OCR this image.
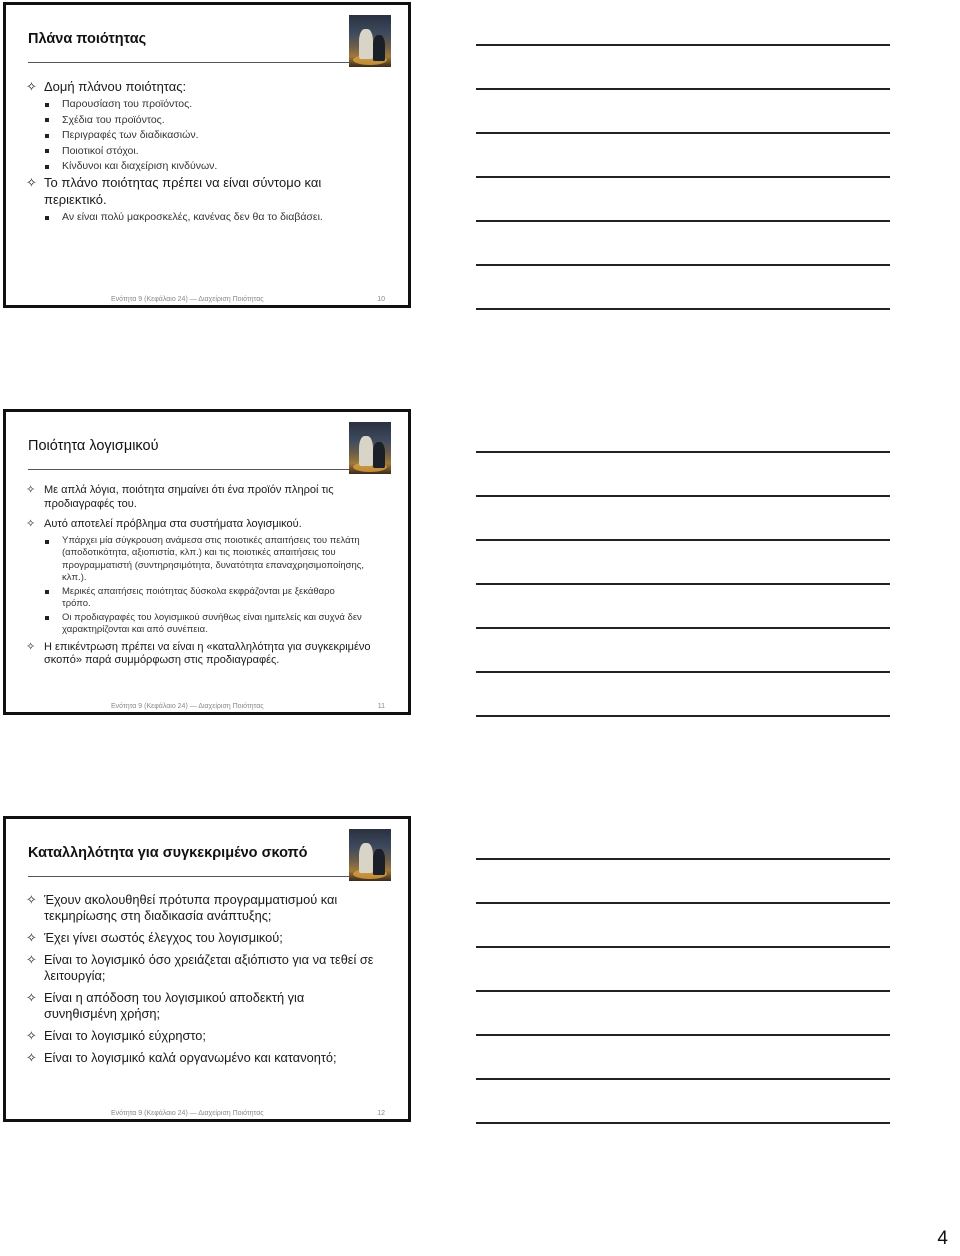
Πλάνα ποιότητας
✧ Δομή πλάνου ποιότητας:
Παρουσίαση του προϊόντος.
Σχέδια του προϊόντος.
Περιγραφές των διαδικασιών.
Ποιοτικοί στόχοι.
Κίνδυνοι και διαχείριση κινδύνων.
✧ Το πλάνο ποιότητας πρέπει να είναι σύντομο και περιεκτικό.
Αν είναι πολύ μακροσκελές, κανένας δεν θα το διαβάσει.
Ενότητα 9 (Κεφάλαιο 24) — Διαχείριση Ποιότητας	10
Ποιότητα λογισμικού
✧ Με απλά λόγια, ποιότητα σημαίνει ότι ένα προϊόν πληροί τις προδιαγραφές του.
✧ Αυτό αποτελεί πρόβλημα στα συστήματα λογισμικού.
Υπάρχει μία σύγκρουση ανάμεσα στις ποιοτικές απαιτήσεις του πελάτη (αποδοτικότητα, αξιοπιστία, κλπ.) και τις ποιοτικές απαιτήσεις του προγραμματιστή (συντηρησιμότητα, δυνατότητα επαναχρησιμοποίησης, κλπ.).
Μερικές απαιτήσεις ποιότητας δύσκολα εκφράζονται με ξεκάθαρο τρόπο.
Οι προδιαγραφές του λογισμικού συνήθως είναι ημιτελείς και συχνά δεν χαρακτηρίζονται και από συνέπεια.
✧ Η επικέντρωση πρέπει να είναι η «καταλληλότητα για συγκεκριμένο σκοπό» παρά συμμόρφωση στις προδιαγραφές.
Ενότητα 9 (Κεφάλαιο 24) — Διαχείριση Ποιότητας	11
Καταλληλότητα για συγκεκριμένο σκοπό
✧ Έχουν ακολουθηθεί πρότυπα προγραμματισμού και τεκμηρίωσης στη διαδικασία ανάπτυξης;
✧ Έχει γίνει σωστός έλεγχος του λογισμικού;
✧ Είναι το λογισμικό όσο χρειάζεται αξιόπιστο για να τεθεί σε λειτουργία;
✧ Είναι η απόδοση του λογισμικού αποδεκτή για συνηθισμένη χρήση;
✧ Είναι το λογισμικό εύχρηστο;
✧ Είναι το λογισμικό καλά οργανωμένο και κατανοητό;
Ενότητα 9 (Κεφάλαιο 24) — Διαχείριση Ποιότητας	12
4
